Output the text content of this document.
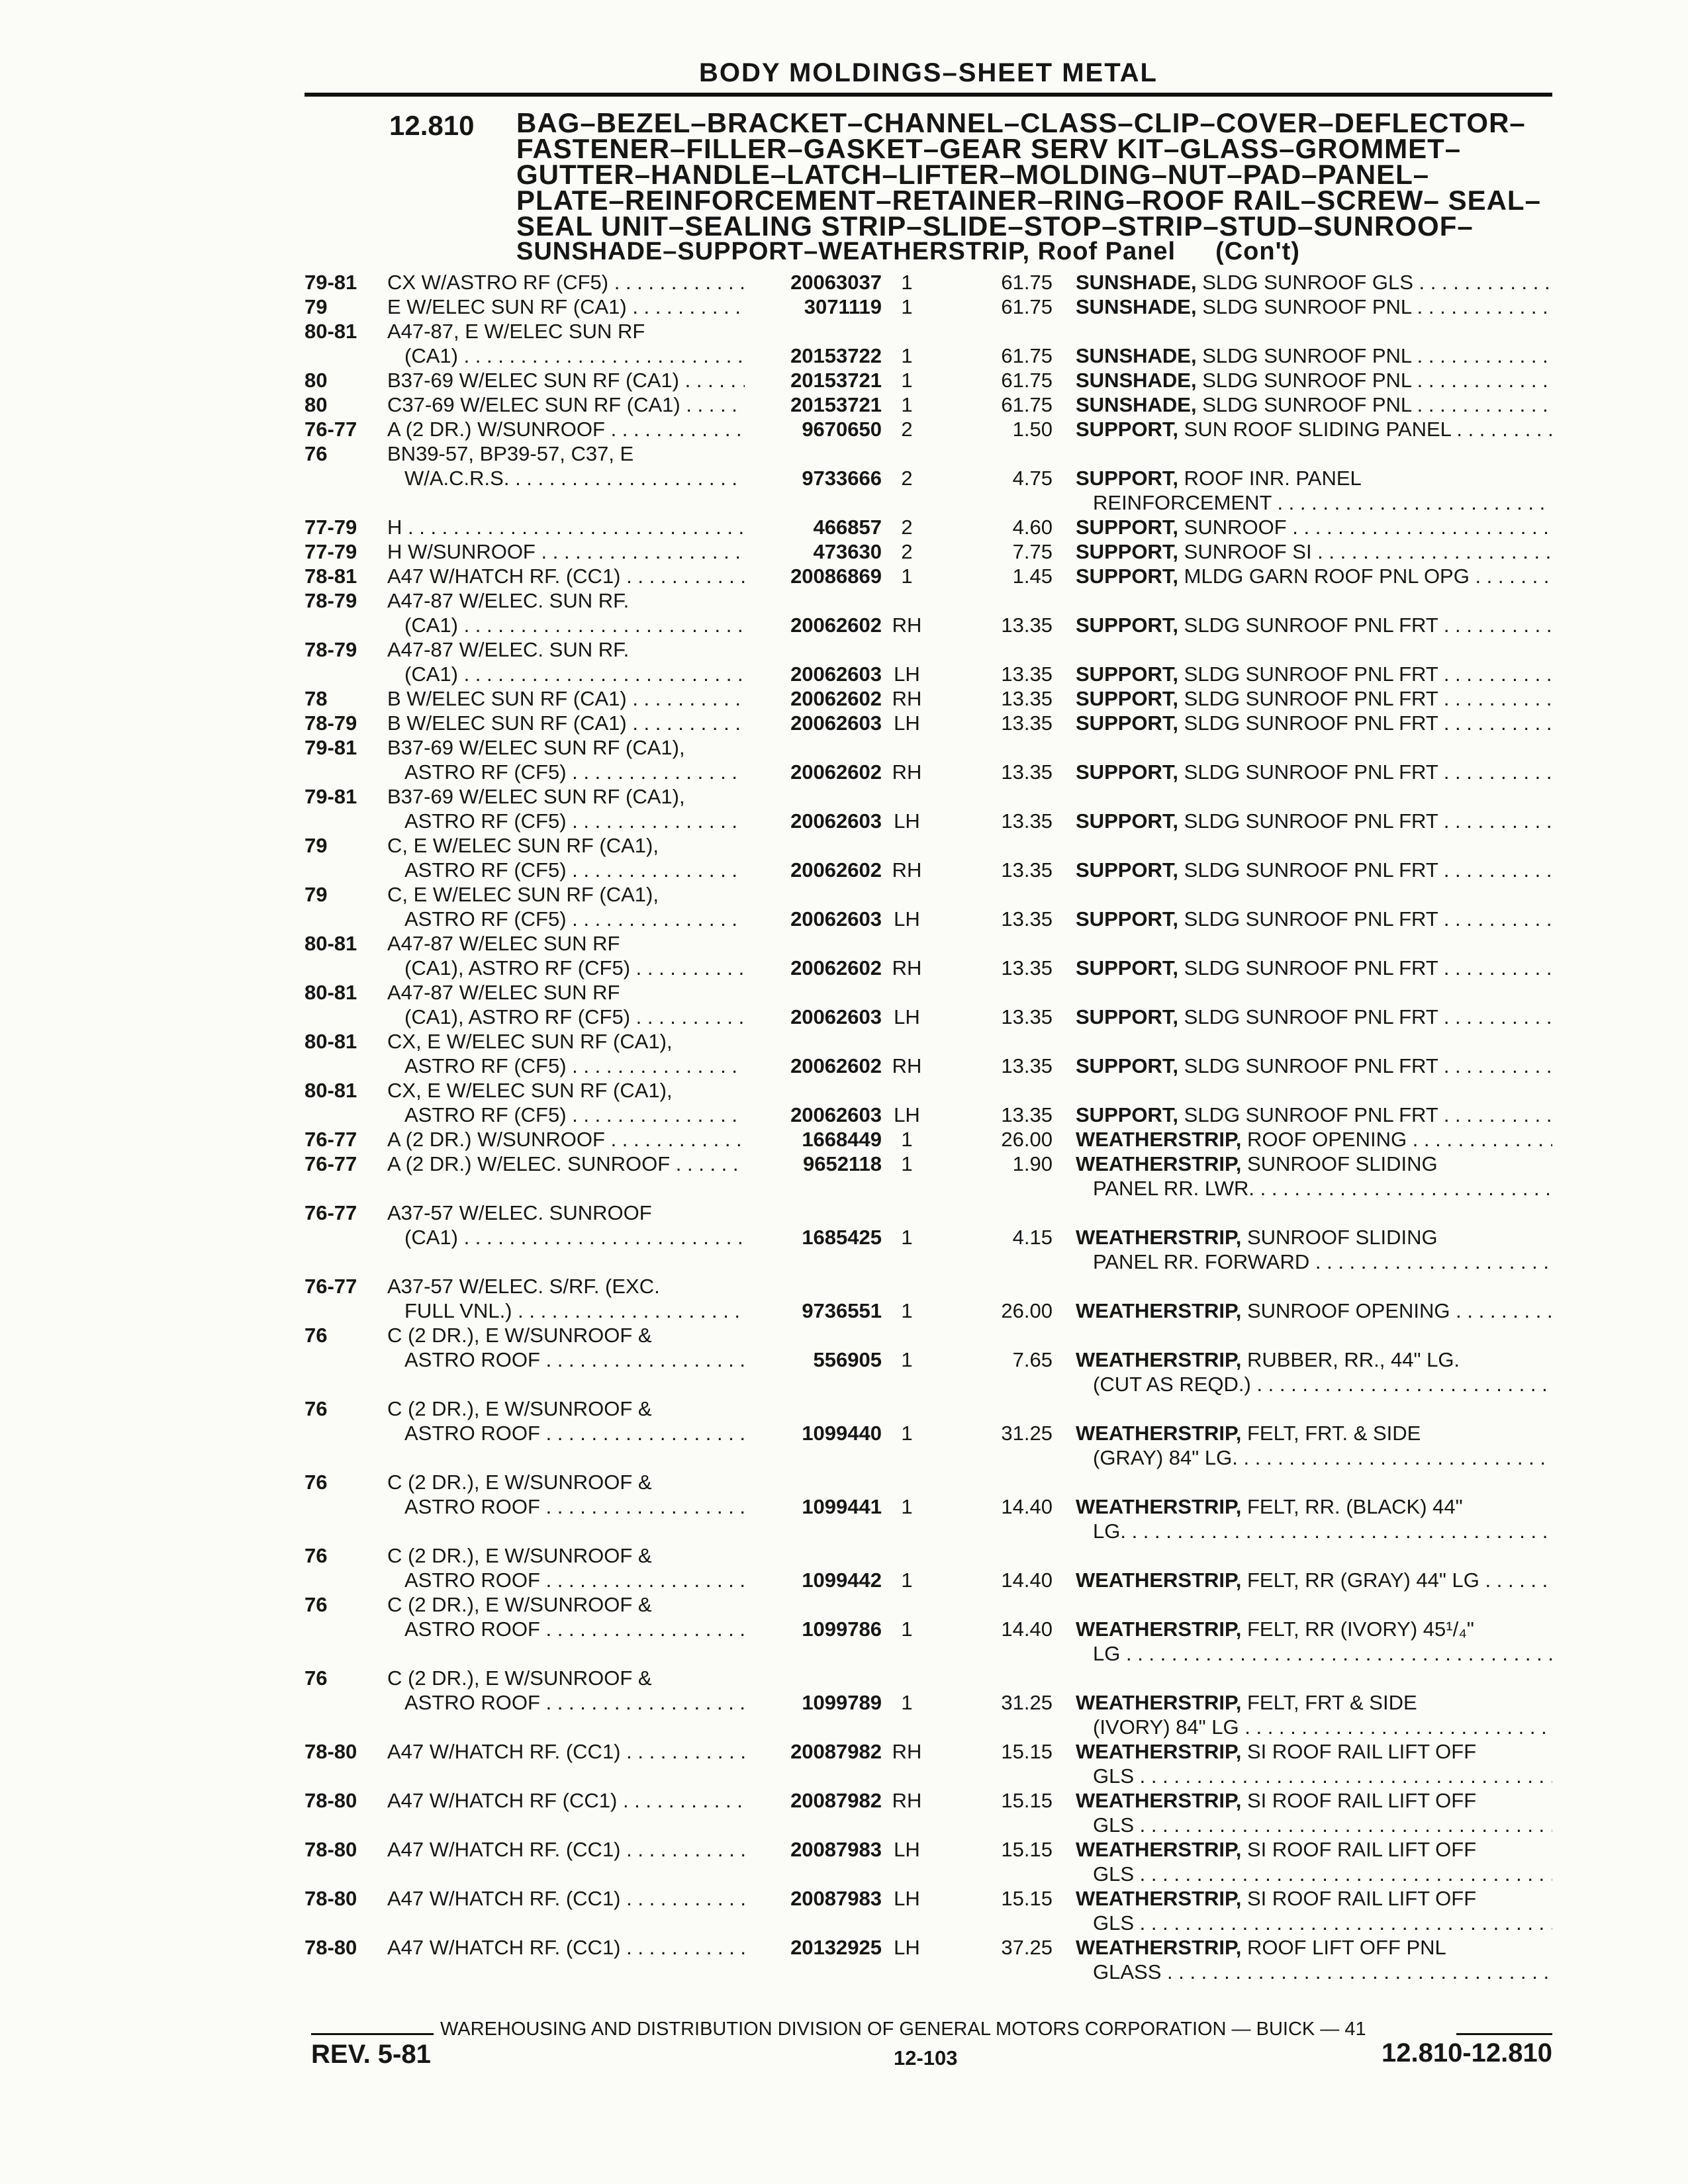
BODY MOLDINGS–SHEET METAL
12.810 BAG–BEZEL–BRACKET–CHANNEL–CLASS–CLIP–COVER–DEFLECTOR–
FASTENER–FILLER–GASKET–GEAR SERV KIT–GLASS–GROMMET–
GUTTER–HANDLE–LATCH–LIFTER–MOLDING–NUT–PAD–PANEL–
PLATE–REINFORCEMENT–RETAINER–RING–ROOF RAIL–SCREW– SEAL–
SEAL UNIT–SEALING STRIP–SLIDE–STOP–STRIP–STUD–SUNROOF–
SUNSHADE–SUPPORT–WEATHERSTRIP, Roof Panel (Con't)
79-81 CX W/ASTRO RF (CF5) . . .	20063037 1	61.75 SUNSHADE, SLDG SUNROOF GLS . . .
79	E W/ELEC SUN RF (CA1) . . .	3071119 1	61.75 SUNSHADE, SLDG SUNROOF PNL . . .
80-81 A47-87, E W/ELEC SUN RF
(CA1) . . .	20153722 1	61.75 SUNSHADE, SLDG SUNROOF PNL . . .
80	B37-69 W/ELEC SUN RF (CA1) . . .	20153721 1	61.75 SUNSHADE, SLDG SUNROOF PNL . . .
80	C37-69 W/ELEC SUN RF (CA1) . . .	20153721 1	61.75 SUNSHADE, SLDG SUNROOF PNL . . .
76-77 A (2 DR.) W/SUNROOF . . .	9670650 2	1.50 SUPPORT, SUN ROOF SLIDING PANEL . . .
76	BN39-57, BP39-57, C37, E
W/A.C.R.S. . . .	9733666 2	4.75 SUPPORT, ROOF INR. PANEL
REINFORCEMENT . . .
77-79 H . . .	466857 2	4.60 SUPPORT, SUNROOF . . .
77-79 H W/SUNROOF . . .	473630 2	7.75 SUPPORT, SUNROOF SI . . .
78-81 A47 W/HATCH RF. (CC1) . . .	20086869 1	1.45 SUPPORT, MLDG GARN ROOF PNL OPG . . .
78-79 A47-87 W/ELEC. SUN RF.
(CA1) . . .	20062602 RH	13.35 SUPPORT, SLDG SUNROOF PNL FRT . . .
78-79 A47-87 W/ELEC. SUN RF.
(CA1) . . .	20062603 LH	13.35 SUPPORT, SLDG SUNROOF PNL FRT . . .
78	B W/ELEC SUN RF (CA1) . . .	20062602 RH	13.35 SUPPORT, SLDG SUNROOF PNL FRT . . .
78-79 B W/ELEC SUN RF (CA1) . . .	20062603 LH	13.35 SUPPORT, SLDG SUNROOF PNL FRT . . .
79-81 B37-69 W/ELEC SUN RF (CA1),
ASTRO RF (CF5) . . .	20062602 RH	13.35 SUPPORT, SLDG SUNROOF PNL FRT . . .
79-81 B37-69 W/ELEC SUN RF (CA1),
ASTRO RF (CF5) . . .	20062603 LH	13.35 SUPPORT, SLDG SUNROOF PNL FRT . . .
79	C, E W/ELEC SUN RF (CA1),
ASTRO RF (CF5) . . .	20062602 RH	13.35 SUPPORT, SLDG SUNROOF PNL FRT . . .
79	C, E W/ELEC SUN RF (CA1),
ASTRO RF (CF5) . . .	20062603 LH	13.35 SUPPORT, SLDG SUNROOF PNL FRT . . .
80-81 A47-87 W/ELEC SUN RF
(CA1), ASTRO RF (CF5) . . .	20062602 RH	13.35 SUPPORT, SLDG SUNROOF PNL FRT . . .
80-81 A47-87 W/ELEC SUN RF
(CA1), ASTRO RF (CF5) . . .	20062603 LH	13.35 SUPPORT, SLDG SUNROOF PNL FRT . . .
80-81 CX, E W/ELEC SUN RF (CA1),
ASTRO RF (CF5) . . .	20062602 RH	13.35 SUPPORT, SLDG SUNROOF PNL FRT . . .
80-81 CX, E W/ELEC SUN RF (CA1),
ASTRO RF (CF5) . . .	20062603 LH	13.35 SUPPORT, SLDG SUNROOF PNL FRT . . .
76-77 A (2 DR.) W/SUNROOF . . .	1668449 1	26.00 WEATHERSTRIP, ROOF OPENING . . .
76-77 A (2 DR.) W/ELEC. SUNROOF . . .	9652118 1	1.90 WEATHERSTRIP, SUNROOF SLIDING
PANEL RR. LWR. . . .
76-77 A37-57 W/ELEC. SUNROOF
(CA1) . . .	1685425 1	4.15 WEATHERSTRIP, SUNROOF SLIDING
PANEL RR. FORWARD . . .
76-77 A37-57 W/ELEC. S/RF. (EXC.
FULL VNL.) . . .	9736551 1	26.00 WEATHERSTRIP, SUNROOF OPENING . . .
76	C (2 DR.), E W/SUNROOF &
ASTRO ROOF . . .	556905 1	7.65 WEATHERSTRIP, RUBBER, RR., 44" LG.
(CUT AS REQD.) . . .
76	C (2 DR.), E W/SUNROOF &
ASTRO ROOF . . .	1099440 1	31.25 WEATHERSTRIP, FELT, FRT. & SIDE
(GRAY) 84" LG. . . .
76	C (2 DR.), E W/SUNROOF &
ASTRO ROOF . . .	1099441 1	14.40 WEATHERSTRIP, FELT, RR. (BLACK) 44"
LG. . . .
76	C (2 DR.), E W/SUNROOF &
ASTRO ROOF . . .	1099442 1	14.40 WEATHERSTRIP, FELT, RR (GRAY) 44" LG . . .
76	C (2 DR.), E W/SUNROOF &
ASTRO ROOF . . .	1099786 1	14.40 WEATHERSTRIP, FELT, RR (IVORY) 45¹/₄"
LG . . .
76	C (2 DR.), E W/SUNROOF &
ASTRO ROOF . . .	1099789 1	31.25 WEATHERSTRIP, FELT, FRT & SIDE
(IVORY) 84" LG . . .
78-80 A47 W/HATCH RF. (CC1) . . .	20087982 RH	15.15 WEATHERSTRIP, SI ROOF RAIL LIFT OFF
GLS . . .
78-80 A47 W/HATCH RF (CC1) . . .	20087982 RH	15.15 WEATHERSTRIP, SI ROOF RAIL LIFT OFF
GLS . . .
78-80 A47 W/HATCH RF. (CC1) . . .	20087983 LH	15.15 WEATHERSTRIP, SI ROOF RAIL LIFT OFF
GLS . . .
78-80 A47 W/HATCH RF. (CC1) . . .	20087983 LH	15.15 WEATHERSTRIP, SI ROOF RAIL LIFT OFF
GLS . . .
78-80 A47 W/HATCH RF. (CC1) . . .	20132925 LH	37.25 WEATHERSTRIP, ROOF LIFT OFF PNL
GLASS . . .
WAREHOUSING AND DISTRIBUTION DIVISION OF GENERAL MOTORS CORPORATION — BUICK — 41
REV. 5-81	12-103	12.810-12.810
